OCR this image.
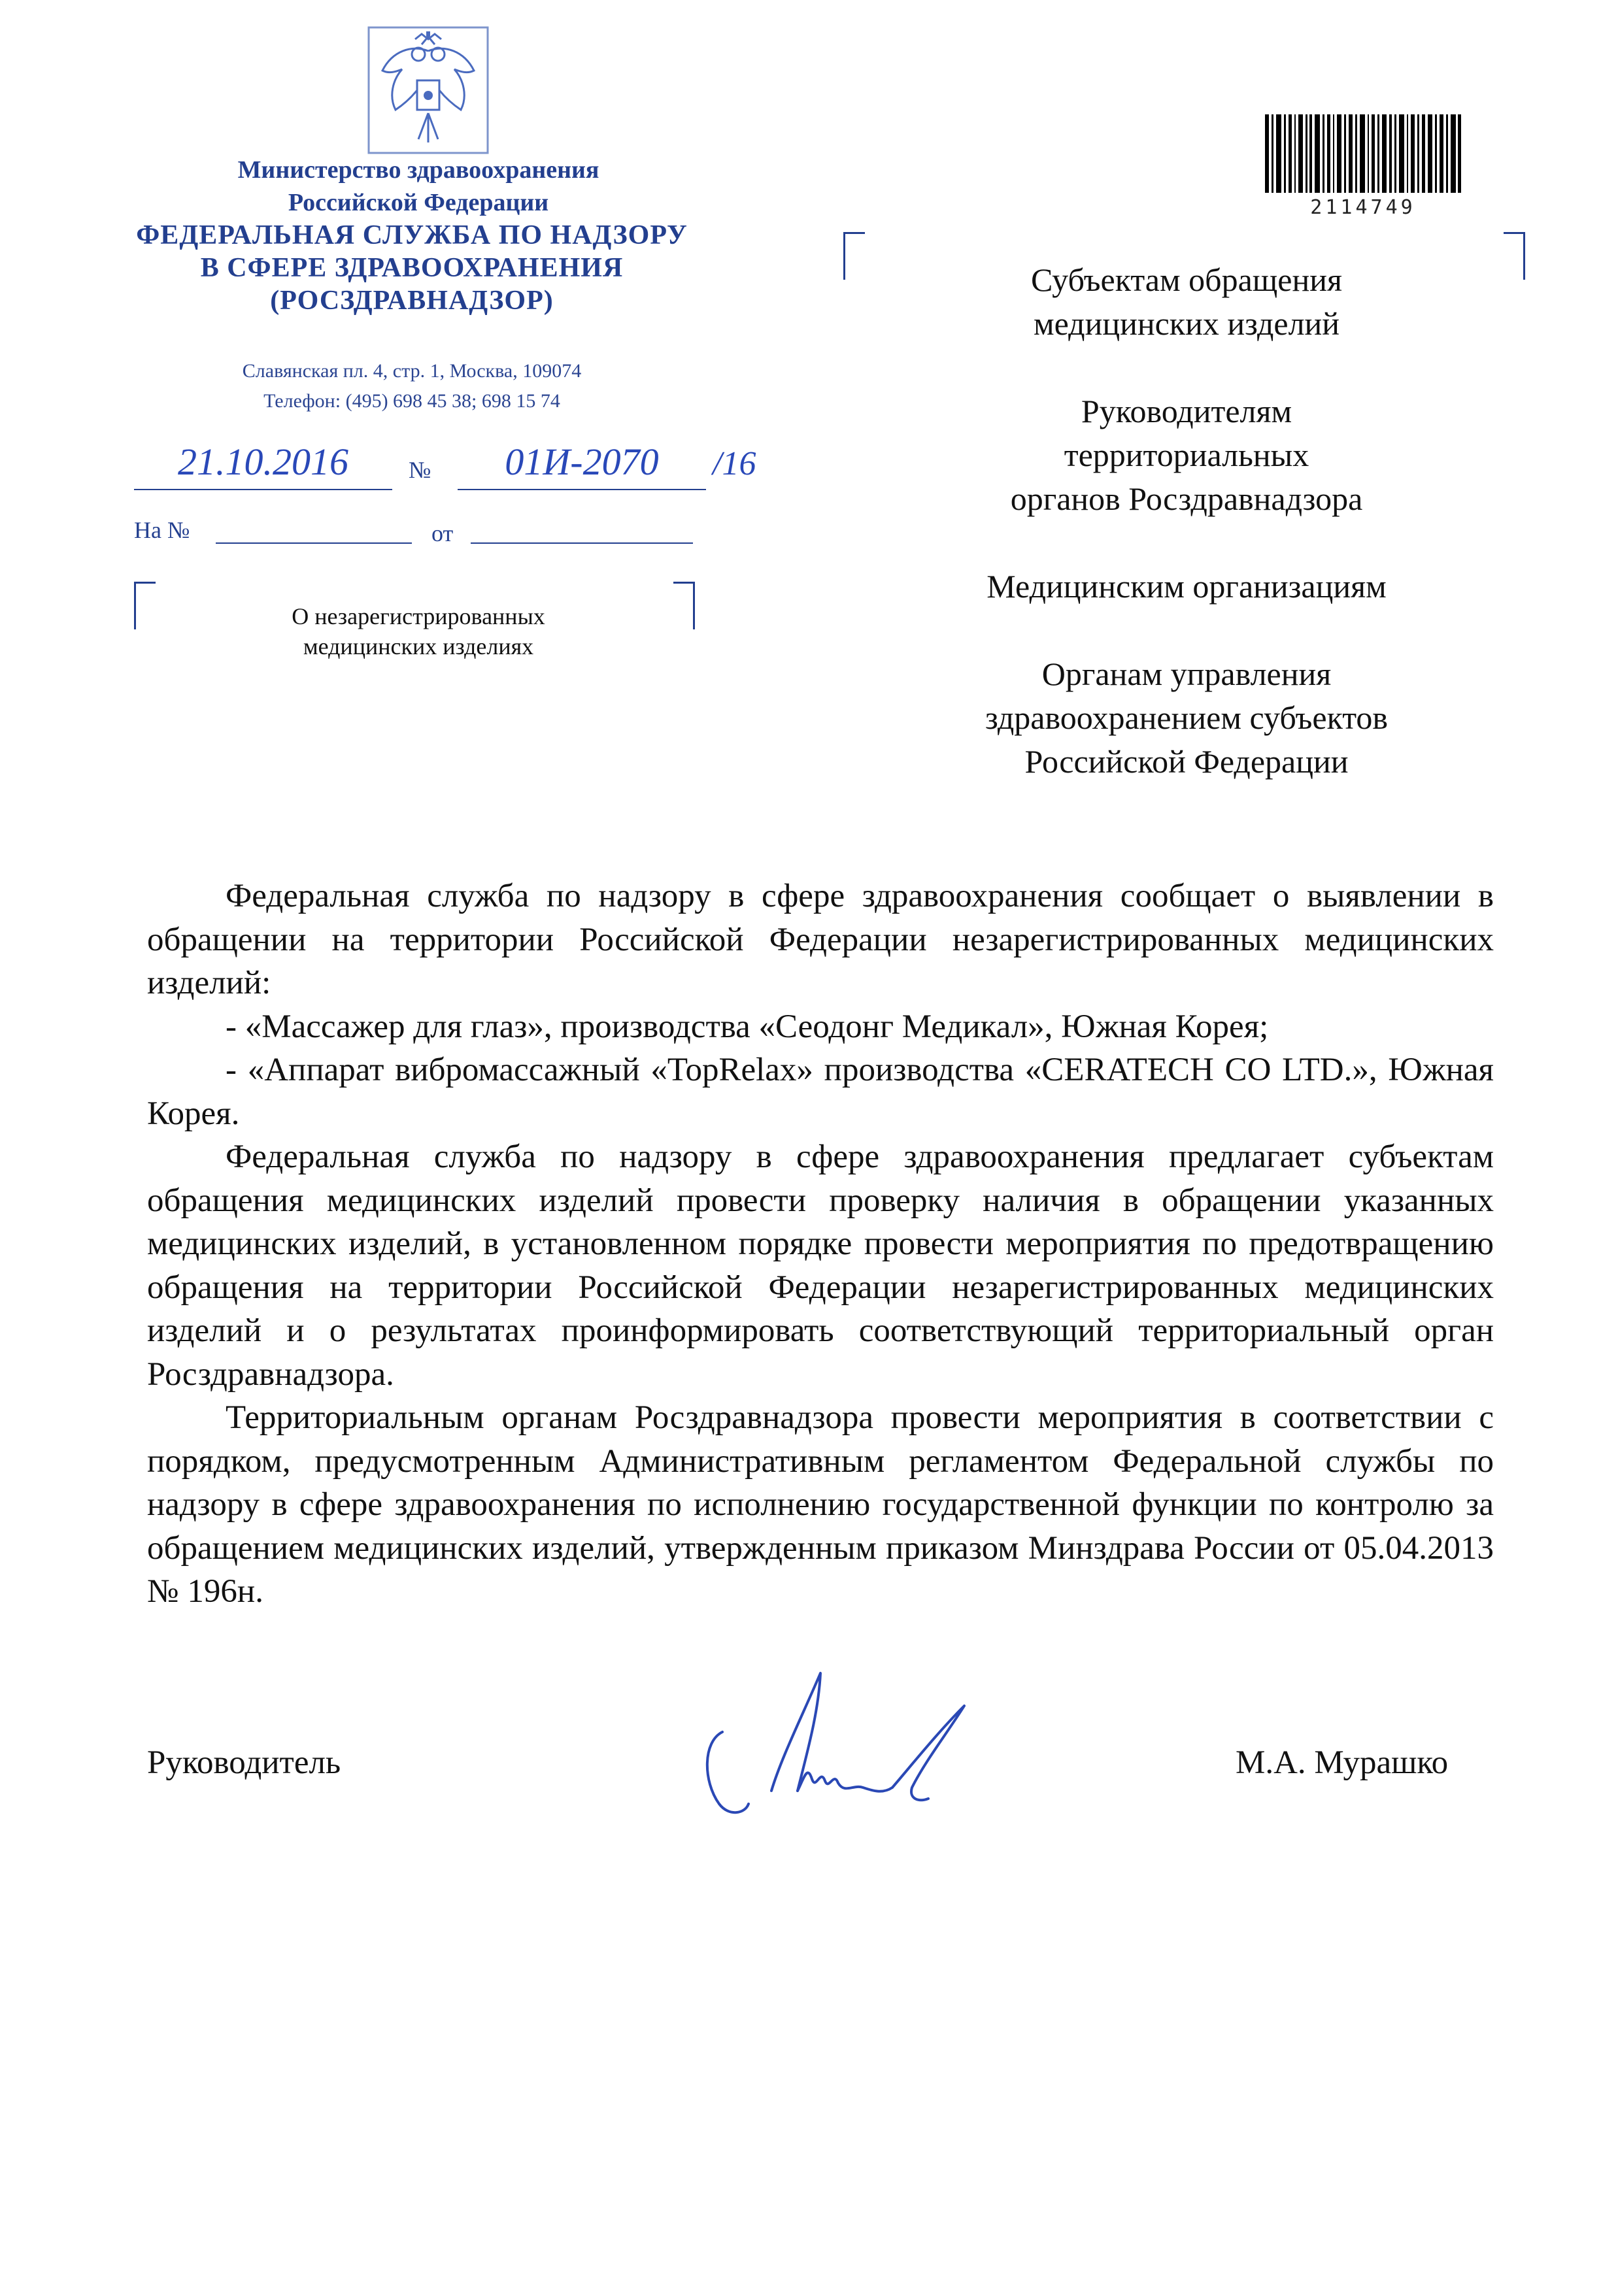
Министерство здравоохранения
Российской Федерации
ФЕДЕРАЛЬНАЯ СЛУЖБА ПО НАДЗОРУ
В СФЕРЕ ЗДРАВООХРАНЕНИЯ
(РОСЗДРАВНАДЗОР)
Славянская пл. 4, стр. 1, Москва, 109074
Телефон: (495) 698 45 38; 698 15 74
21.10.2016	№	01И-2070	/16
На №	от
О незарегистрированных
медицинских изделиях
2114749
Субъектам обращения
медицинских изделий
Руководителям
территориальных
органов Росздравнадзора
Медицинским организациям
Органам управления
здравоохранением субъектов
Российской Федерации

Федеральная служба по надзору в сфере здравоохранения сообщает о выявлении в обращении на территории Российской Федерации незарегистрированных медицинских изделий:

- «Массажер для глаз», производства «Сеодонг Медикал», Южная Корея;

- «Аппарат вибромассажный «TopRelax» производства «CERATECH CO LTD.», Южная Корея.

Федеральная служба по надзору в сфере здравоохранения предлагает субъектам обращения медицинских изделий провести проверку наличия в обращении указанных медицинских изделий, в установленном порядке провести мероприятия по предотвращению обращения на территории Российской Федерации незарегистрированных медицинских изделий и о результатах проинформировать соответствующий территориальный орган Росздравнадзора.

Территориальным органам Росздравнадзора провести мероприятия в соответствии с порядком, предусмотренным Административным регламентом Федеральной службы по надзору в сфере здравоохранения по исполнению государственной функции по контролю за обращением медицинских изделий, утвержденным приказом Минздрава России от 05.04.2013 № 196н.

Руководитель	М.А. Мурашко
